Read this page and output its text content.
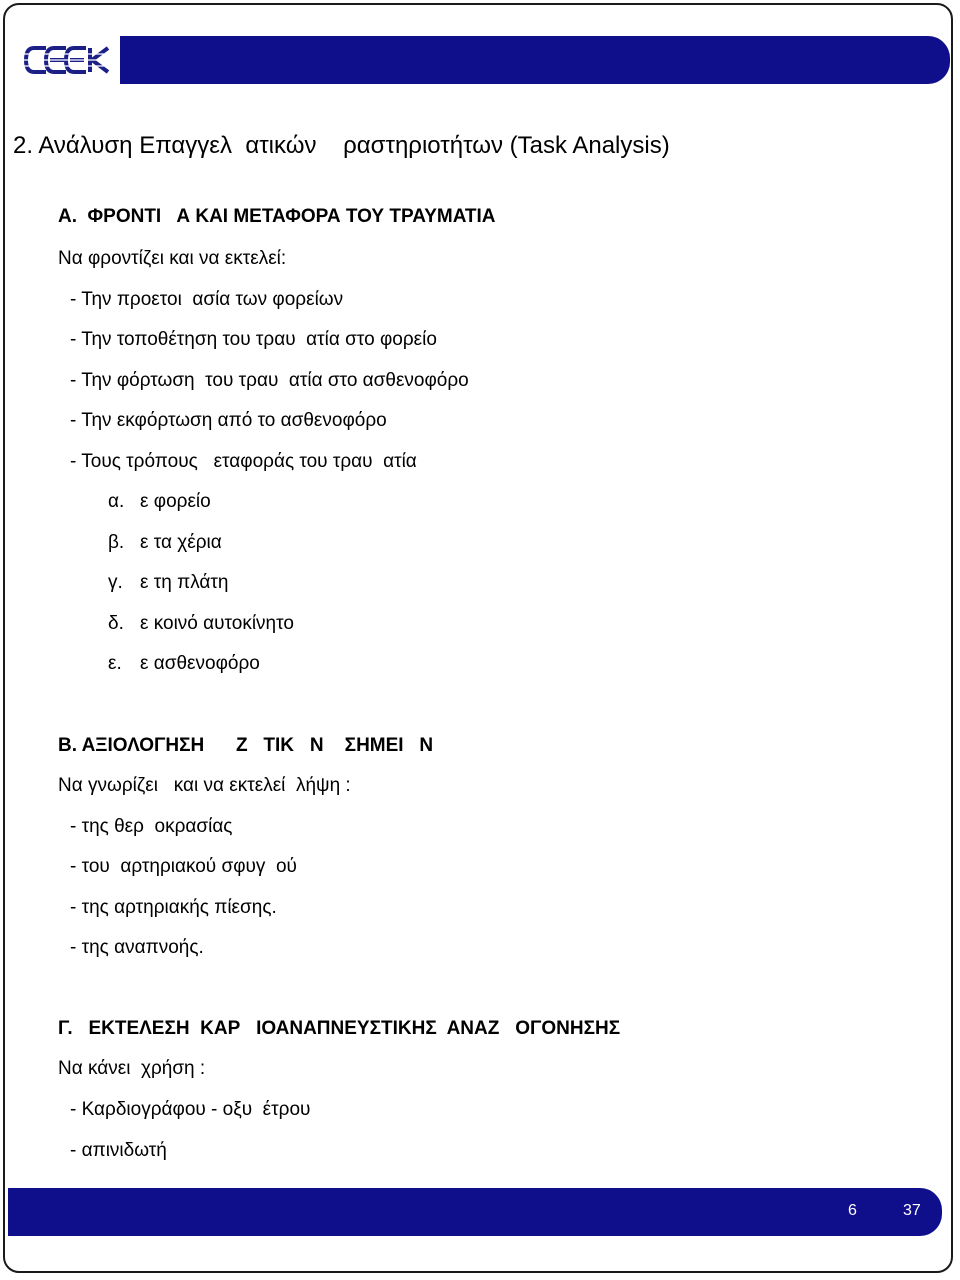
2. Ανάλυση Επαγγελ  ατικών    ραστηριοτήτων (Task Analysis)
Α.  ΦΡΟΝΤΙ   Α ΚΑΙ ΜΕΤΑΦΟΡΑ ΤΟΥ ΤΡΑΥΜΑΤΙΑ
Να φροντίζει και να εκτελεί:
- Την προετοι  ασία των φορείων
- Την τοποθέτηση του τραυ  ατία στο φορείο
- Την φόρτωση  του τραυ  ατία στο ασθενοφόρο
- Την εκφόρτωση από το ασθενοφόρο
- Τους τρόπους   εταφοράς του τραυ  ατία
α. ε φορείο
β. ε τα χέρια
γ. ε τη πλάτη
δ. ε κοινό αυτοκίνητο
ε. ε ασθενοφόρο
Β. ΑΞΙΟΛΟΓΗΣΗ      Ζ   ΤΙΚ   Ν    ΣΗΜΕΙ   Ν
Να γνωρίζει   και να εκτελεί  λήψη :
- της θερ  οκρασίας
- του  αρτηριακού σφυγ  ού
- της αρτηριακής πίεσης.
- της αναπνοής.
Γ.   ΕΚΤΕΛΕΣΗ  ΚΑΡ   ΙΟΑΝΑΠΝΕΥΣΤΙΚΗΣ  ΑΝΑΖ   ΟΓΟΝΗΣΗΣ
Να κάνει  χρήση :
- Καρδιογράφου - οξυ  έτρου
- απινιδωτή
6	37
